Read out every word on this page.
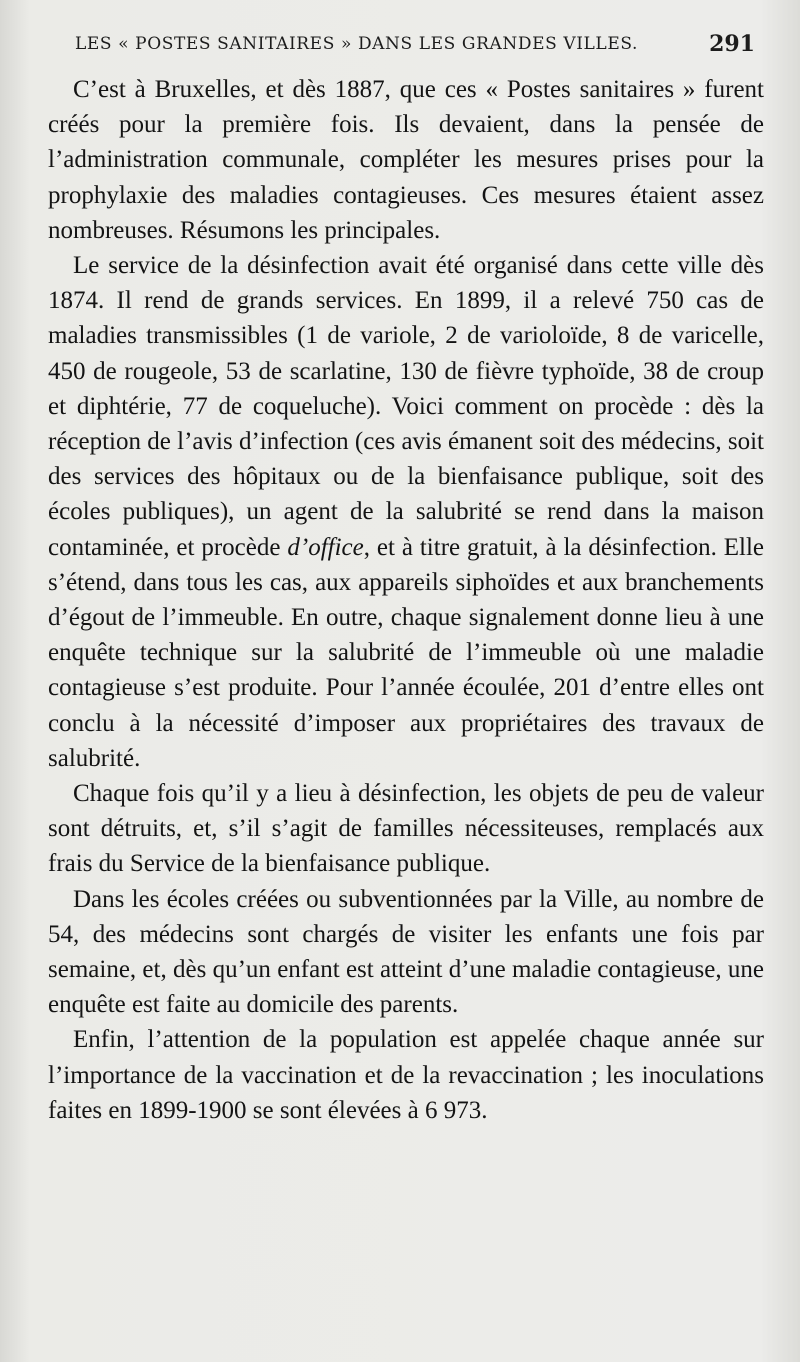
LES « POSTES SANITAIRES » DANS LES GRANDES VILLES.	291

C’est à Bruxelles, et dès 1887, que ces « Postes sanitaires » furent créés pour la première fois. Ils devaient, dans la pensée de l’administration communale, compléter les mesures prises pour la prophylaxie des maladies contagieuses. Ces mesures étaient assez nombreuses. Résumons les principales.

Le service de la désinfection avait été organisé dans cette ville dès 1874. Il rend de grands services. En 1899, il a relevé 750 cas de maladies transmissibles (1 de variole, 2 de varioloïde, 8 de varicelle, 450 de rougeole, 53 de scarlatine, 130 de fièvre typhoïde, 38 de croup et diphtérie, 77 de coqueluche). Voici comment on procède : dès la réception de l’avis d’infection (ces avis émanent soit des médecins, soit des services des hôpitaux ou de la bienfaisance publique, soit des écoles publiques), un agent de la salubrité se rend dans la maison contaminée, et procède d’office, et à titre gratuit, à la désinfection. Elle s’étend, dans tous les cas, aux appareils siphoïdes et aux branchements d’égout de l’immeuble. En outre, chaque signalement donne lieu à une enquête technique sur la salubrité de l’immeuble où une maladie contagieuse s’est produite. Pour l’année écoulée, 201 d’entre elles ont conclu à la nécessité d’imposer aux propriétaires des travaux de salubrité.

Chaque fois qu’il y a lieu à désinfection, les objets de peu de valeur sont détruits, et, s’il s’agit de familles nécessiteuses, remplacés aux frais du Service de la bienfaisance publique.

Dans les écoles créées ou subventionnées par la Ville, au nombre de 54, des médecins sont chargés de visiter les enfants une fois par semaine, et, dès qu’un enfant est atteint d’une maladie contagieuse, une enquête est faite au domicile des parents.

Enfin, l’attention de la population est appelée chaque année sur l’importance de la vaccination et de la revaccination ; les inoculations faites en 1899-1900 se sont élevées à 6 973.
